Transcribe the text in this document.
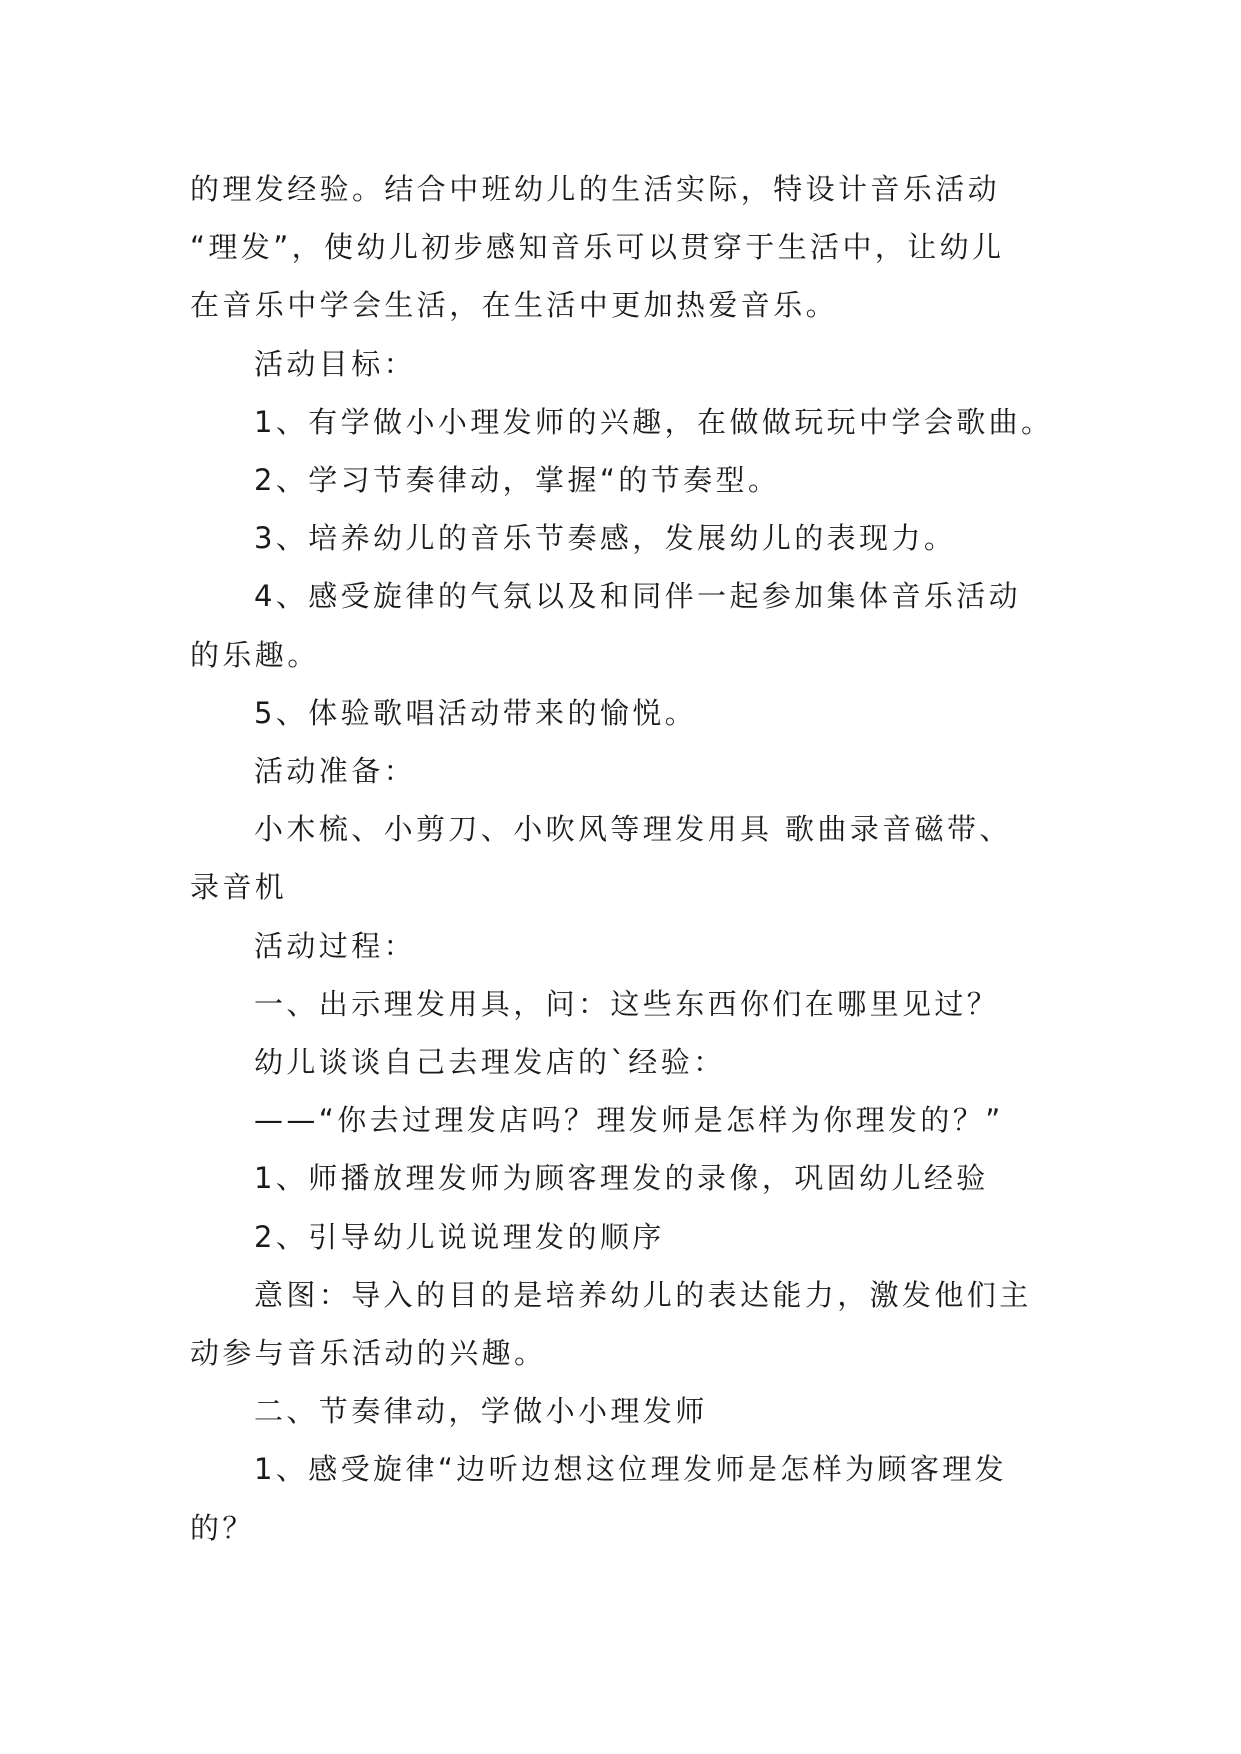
的理发经验。结合中班幼儿的生活实际，特设计音乐活动

“理发”，使幼儿初步感知音乐可以贯穿于生活中，让幼儿

在音乐中学会生活，在生活中更加热爱音乐。

活动目标：

1、有学做小小理发师的兴趣，在做做玩玩中学会歌曲。

2、学习节奏律动，掌握“的节奏型。

3、培养幼儿的音乐节奏感，发展幼儿的表现力。

4、感受旋律的气氛以及和同伴一起参加集体音乐活动

的乐趣。

5、体验歌唱活动带来的愉悦。

活动准备：

小木梳、小剪刀、小吹风等理发用具 歌曲录音磁带、

录音机

活动过程：

一、出示理发用具，问：这些东西你们在哪里见过？

幼儿谈谈自己去理发店的`经验：

——“你去过理发店吗？理发师是怎样为你理发的？”

1、师播放理发师为顾客理发的录像，巩固幼儿经验

2、引导幼儿说说理发的顺序

意图：导入的目的是培养幼儿的表达能力，激发他们主

动参与音乐活动的兴趣。

二、节奏律动，学做小小理发师

1、感受旋律“边听边想这位理发师是怎样为顾客理发

的？
